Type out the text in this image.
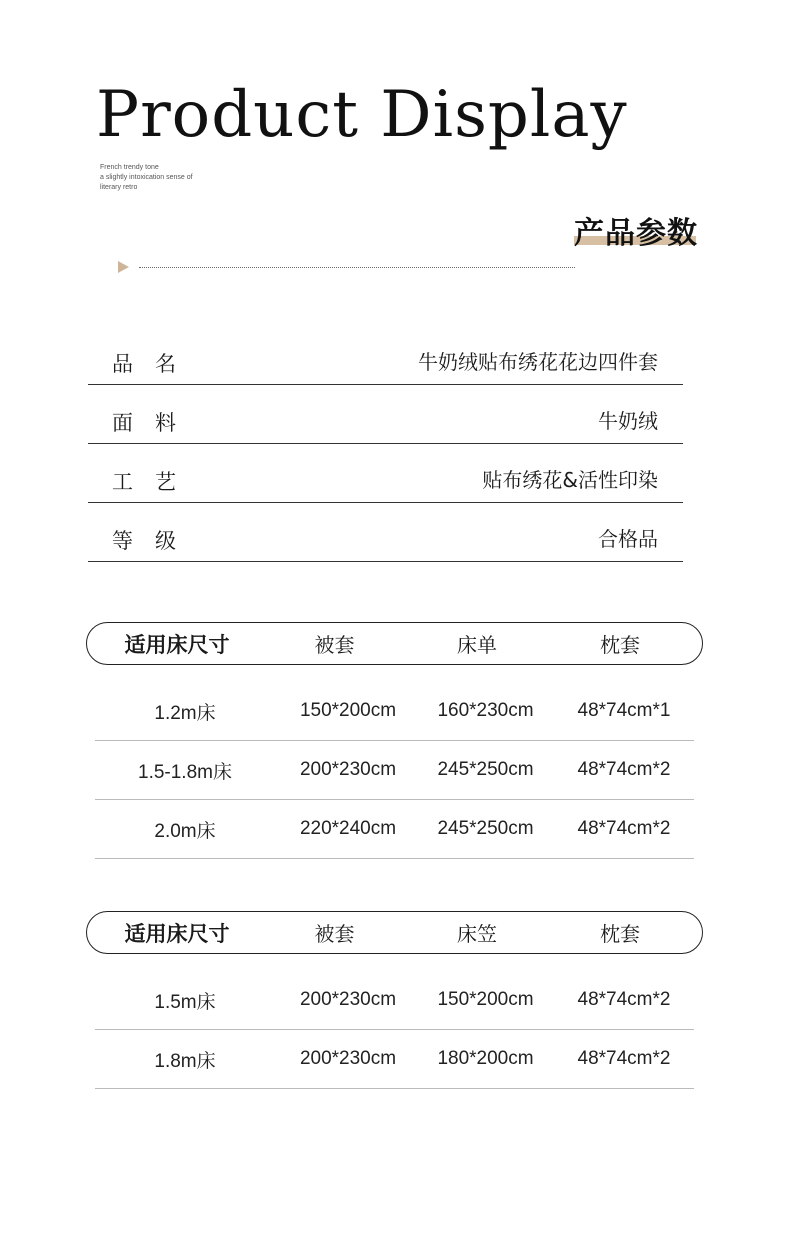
Product Display
French trendy tone
a slightly intoxication sense of
literary retro
产品参数
品名	牛奶绒贴布绣花花边四件套
面料	牛奶绒
工艺	贴布绣花&活性印染
等级	合格品
适用床尺寸	被套	床单	枕套
1.2m床	150*200cm	160*230cm	48*74cm*1
1.5-1.8m床	200*230cm	245*250cm	48*74cm*2
2.0m床	220*240cm	245*250cm	48*74cm*2
适用床尺寸	被套	床笠	枕套
1.5m床	200*230cm	150*200cm	48*74cm*2
1.8m床	200*230cm	180*200cm	48*74cm*2
